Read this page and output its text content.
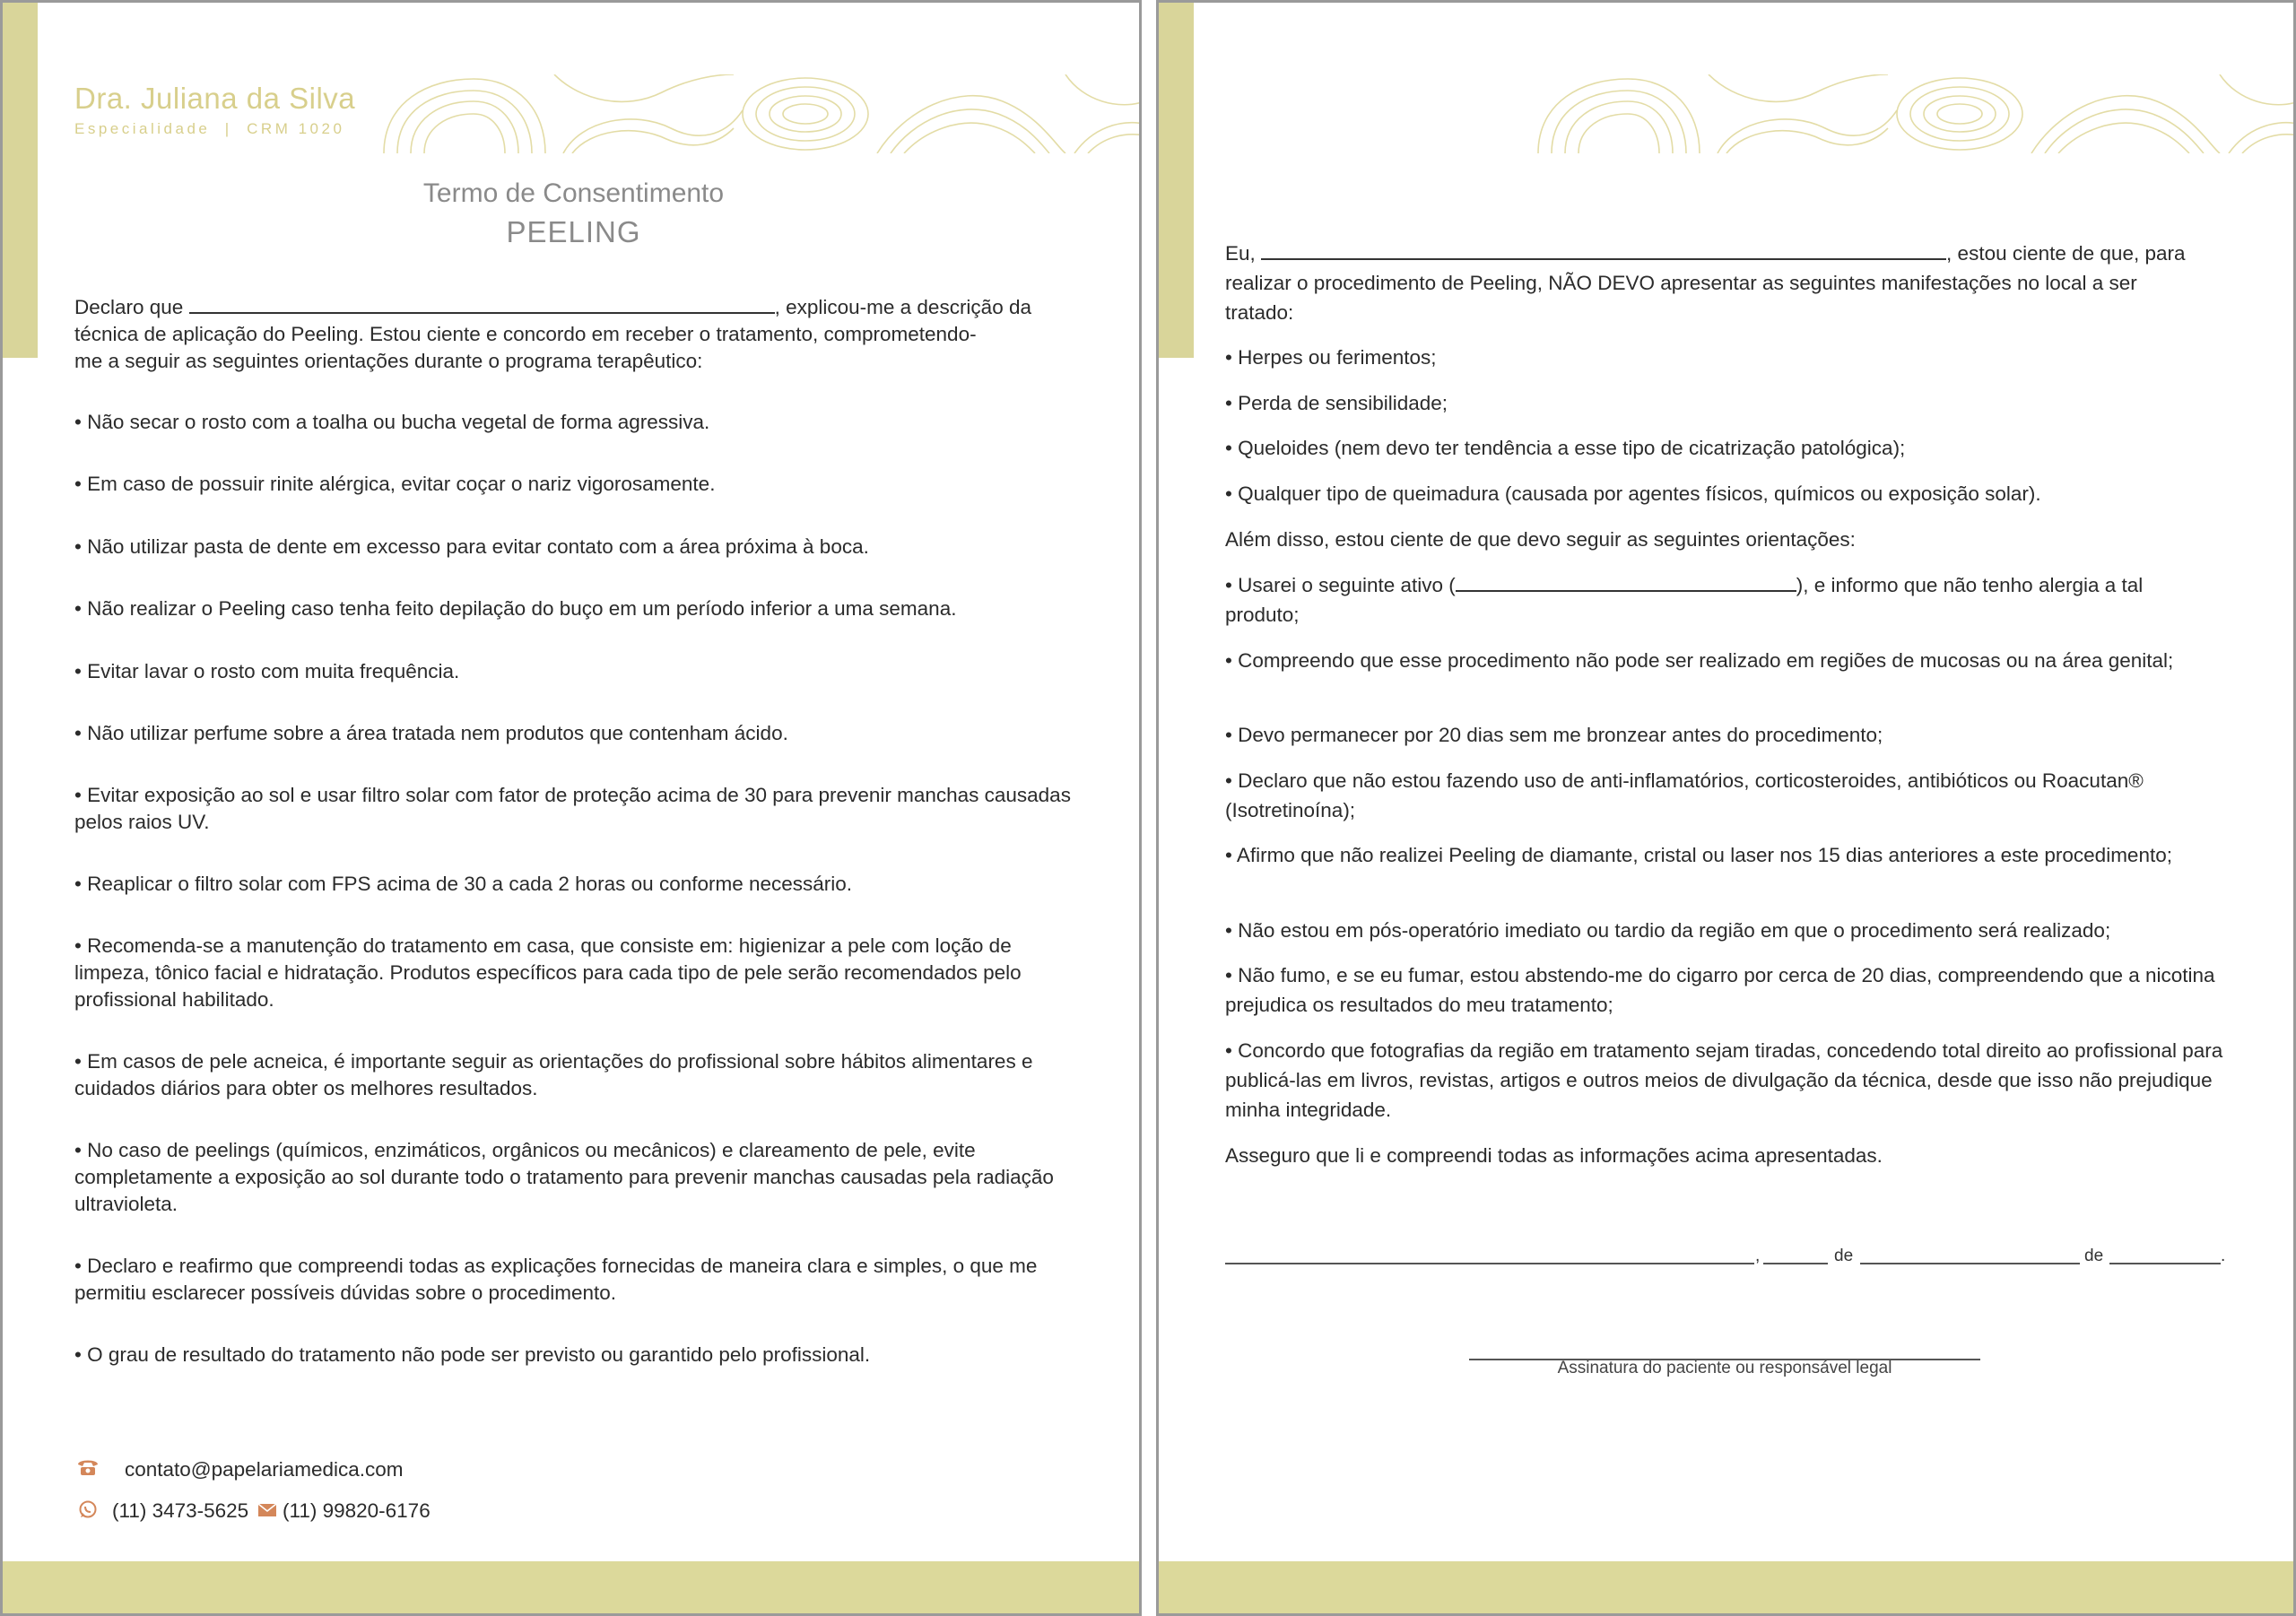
Dra. Juliana da Silva
Especialidade  |  CRM 1020
Termo de Consentimento
PEELING
Declaro que	, explicou-me a descrição da
técnica de aplicação do Peeling. Estou ciente e concordo em receber o tratamento, comprometendo-
me a seguir as seguintes orientações durante o programa terapêutico:
• Não secar o rosto com a toalha ou bucha vegetal de forma agressiva.
• Em caso de possuir rinite alérgica, evitar coçar o nariz vigorosamente.
• Não utilizar pasta de dente em excesso para evitar contato com a área próxima à boca.
• Não realizar o Peeling caso tenha feito depilação do buço em um período inferior a uma semana.
• Evitar lavar o rosto com muita frequência.
• Não utilizar perfume sobre a área tratada nem produtos que contenham ácido.
• Evitar exposição ao sol e usar filtro solar com fator de proteção acima de 30 para prevenir manchas causadas pelos raios UV.
• Reaplicar o filtro solar com FPS acima de 30 a cada 2 horas ou conforme necessário.
• Recomenda-se a manutenção do tratamento em casa, que consiste em: higienizar a pele com loção de limpeza, tônico facial e hidratação. Produtos específicos para cada tipo de pele serão recomendados pelo profissional habilitado.
• Em casos de pele acneica, é importante seguir as orientações do profissional sobre hábitos alimentares e cuidados diários para obter os melhores resultados.
• No caso de peelings (químicos, enzimáticos, orgânicos ou mecânicos) e clareamento de pele, evite completamente a exposição ao sol durante todo o tratamento para prevenir manchas causadas pela radiação ultravioleta.
• Declaro e reafirmo que compreendi todas as explicações fornecidas de maneira clara e simples, o que me permitiu esclarecer possíveis dúvidas sobre o procedimento.
• O grau de resultado do tratamento não pode ser previsto ou garantido pelo profissional.
contato@papelariamedica.com
(11) 3473-5625 (11) 99820-6176
Eu,	, estou ciente de que, para
realizar o procedimento de Peeling, NÃO DEVO apresentar as seguintes manifestações no local a ser
tratado:
• Herpes ou ferimentos;
• Perda de sensibilidade;
• Queloides (nem devo ter tendência a esse tipo de cicatrização patológica);
• Qualquer tipo de queimadura (causada por agentes físicos, químicos ou exposição solar).
Além disso, estou ciente de que devo seguir as seguintes orientações:
• Usarei o seguinte ativo (	), e informo que não tenho alergia a tal
produto;
• Compreendo que esse procedimento não pode ser realizado em regiões de mucosas ou na área genital;
• Devo permanecer por 20 dias sem me bronzear antes do procedimento;
• Declaro que não estou fazendo uso de anti-inflamatórios, corticosteroides, antibióticos ou Roacutan® (Isotretinoína);
• Afirmo que não realizei Peeling de diamante, cristal ou laser nos 15 dias anteriores a este procedimento;
• Não estou em pós-operatório imediato ou tardio da região em que o procedimento será realizado;
• Não fumo, e se eu fumar, estou abstendo-me do cigarro por cerca de 20 dias, compreendendo que a nicotina prejudica os resultados do meu tratamento;
• Concordo que fotografias da região em tratamento sejam tiradas, concedendo total direito ao profissional para publicá-las em livros, revistas, artigos e outros meios de divulgação da técnica, desde que isso não prejudique minha integridade.
Asseguro que li e compreendi todas as informações acima apresentadas.
,	de	de	.
Assinatura do paciente ou responsável legal
